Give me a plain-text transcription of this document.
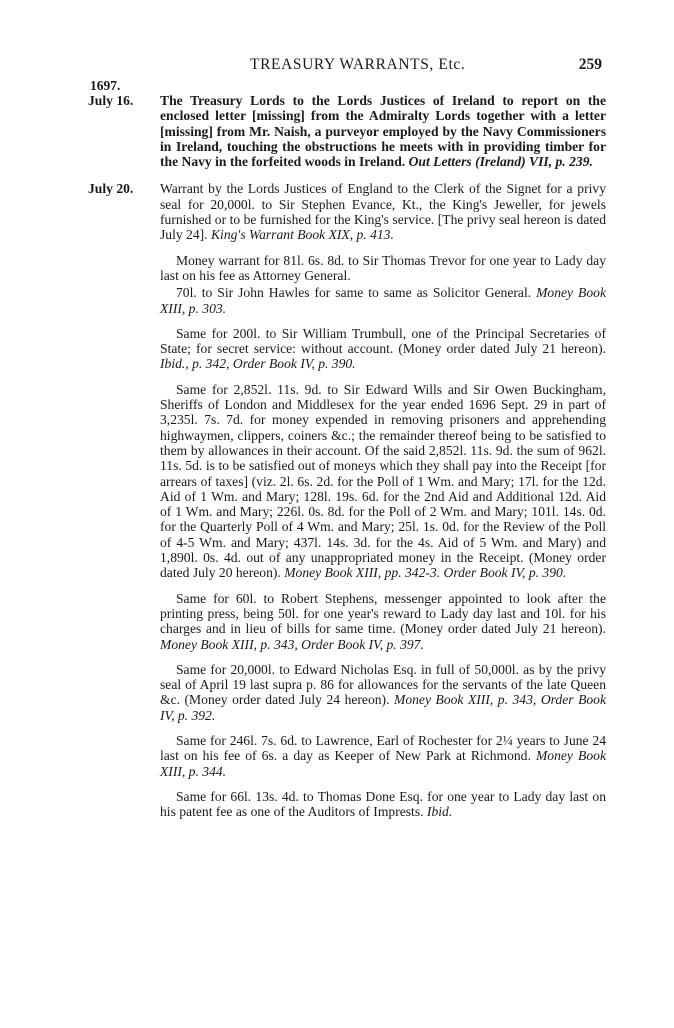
TREASURY WARRANTS, Etc.	259
1697.
July 16. The Treasury Lords to the Lords Justices of Ireland to report on the enclosed letter [missing] from the Admiralty Lords together with a letter [missing] from Mr. Naish, a purveyor employed by the Navy Commissioners in Ireland, touching the obstructions he meets with in providing timber for the Navy in the forfeited woods in Ireland. Out Letters (Ireland) VII, p. 239.

July 20. Warrant by the Lords Justices of England to the Clerk of the Signet for a privy seal for 20,000l. to Sir Stephen Evance, Kt., the King's Jeweller, for jewels furnished or to be furnished for the King's service. [The privy seal hereon is dated July 24]. King's Warrant Book XIX, p. 413.

Money warrant for 81l. 6s. 8d. to Sir Thomas Trevor for one year to Lady day last on his fee as Attorney General.

70l. to Sir John Hawles for same to same as Solicitor General. Money Book XIII, p. 303.

Same for 200l. to Sir William Trumbull, one of the Principal Secretaries of State; for secret service: without account. (Money order dated July 21 hereon). Ibid., p. 342, Order Book IV, p. 390.

Same for 2,852l. 11s. 9d. to Sir Edward Wills and Sir Owen Buckingham, Sheriffs of London and Middlesex for the year ended 1696 Sept. 29 in part of 3,235l. 7s. 7d. for money expended in removing prisoners and apprehending highwaymen, clippers, coiners &c.; the remainder thereof being to be satisfied to them by allowances in their account. Of the said 2,852l. 11s. 9d. the sum of 962l. 11s. 5d. is to be satisfied out of moneys which they shall pay into the Receipt [for arrears of taxes] (viz. 2l. 6s. 2d. for the Poll of 1 Wm. and Mary; 17l. for the 12d. Aid of 1 Wm. and Mary; 128l. 19s. 6d. for the 2nd Aid and Additional 12d. Aid of 1 Wm. and Mary; 226l. 0s. 8d. for the Poll of 2 Wm. and Mary; 101l. 14s. 0d. for the Quarterly Poll of 4 Wm. and Mary; 25l. 1s. 0d. for the Review of the Poll of 4-5 Wm. and Mary; 437l. 14s. 3d. for the 4s. Aid of 5 Wm. and Mary) and 1,890l. 0s. 4d. out of any unappropriated money in the Receipt. (Money order dated July 20 hereon). Money Book XIII, pp. 342-3. Order Book IV, p. 390.

Same for 60l. to Robert Stephens, messenger appointed to look after the printing press, being 50l. for one year's reward to Lady day last and 10l. for his charges and in lieu of bills for same time. (Money order dated July 21 hereon). Money Book XIII, p. 343, Order Book IV, p. 397.

Same for 20,000l. to Edward Nicholas Esq. in full of 50,000l. as by the privy seal of April 19 last supra p. 86 for allowances for the servants of the late Queen &c. (Money order dated July 24 hereon). Money Book XIII, p. 343, Order Book IV, p. 392.

Same for 246l. 7s. 6d. to Lawrence, Earl of Rochester for 2¼ years to June 24 last on his fee of 6s. a day as Keeper of New Park at Richmond. Money Book XIII, p. 344.

Same for 66l. 13s. 4d. to Thomas Done Esq. for one year to Lady day last on his patent fee as one of the Auditors of Imprests. Ibid.
